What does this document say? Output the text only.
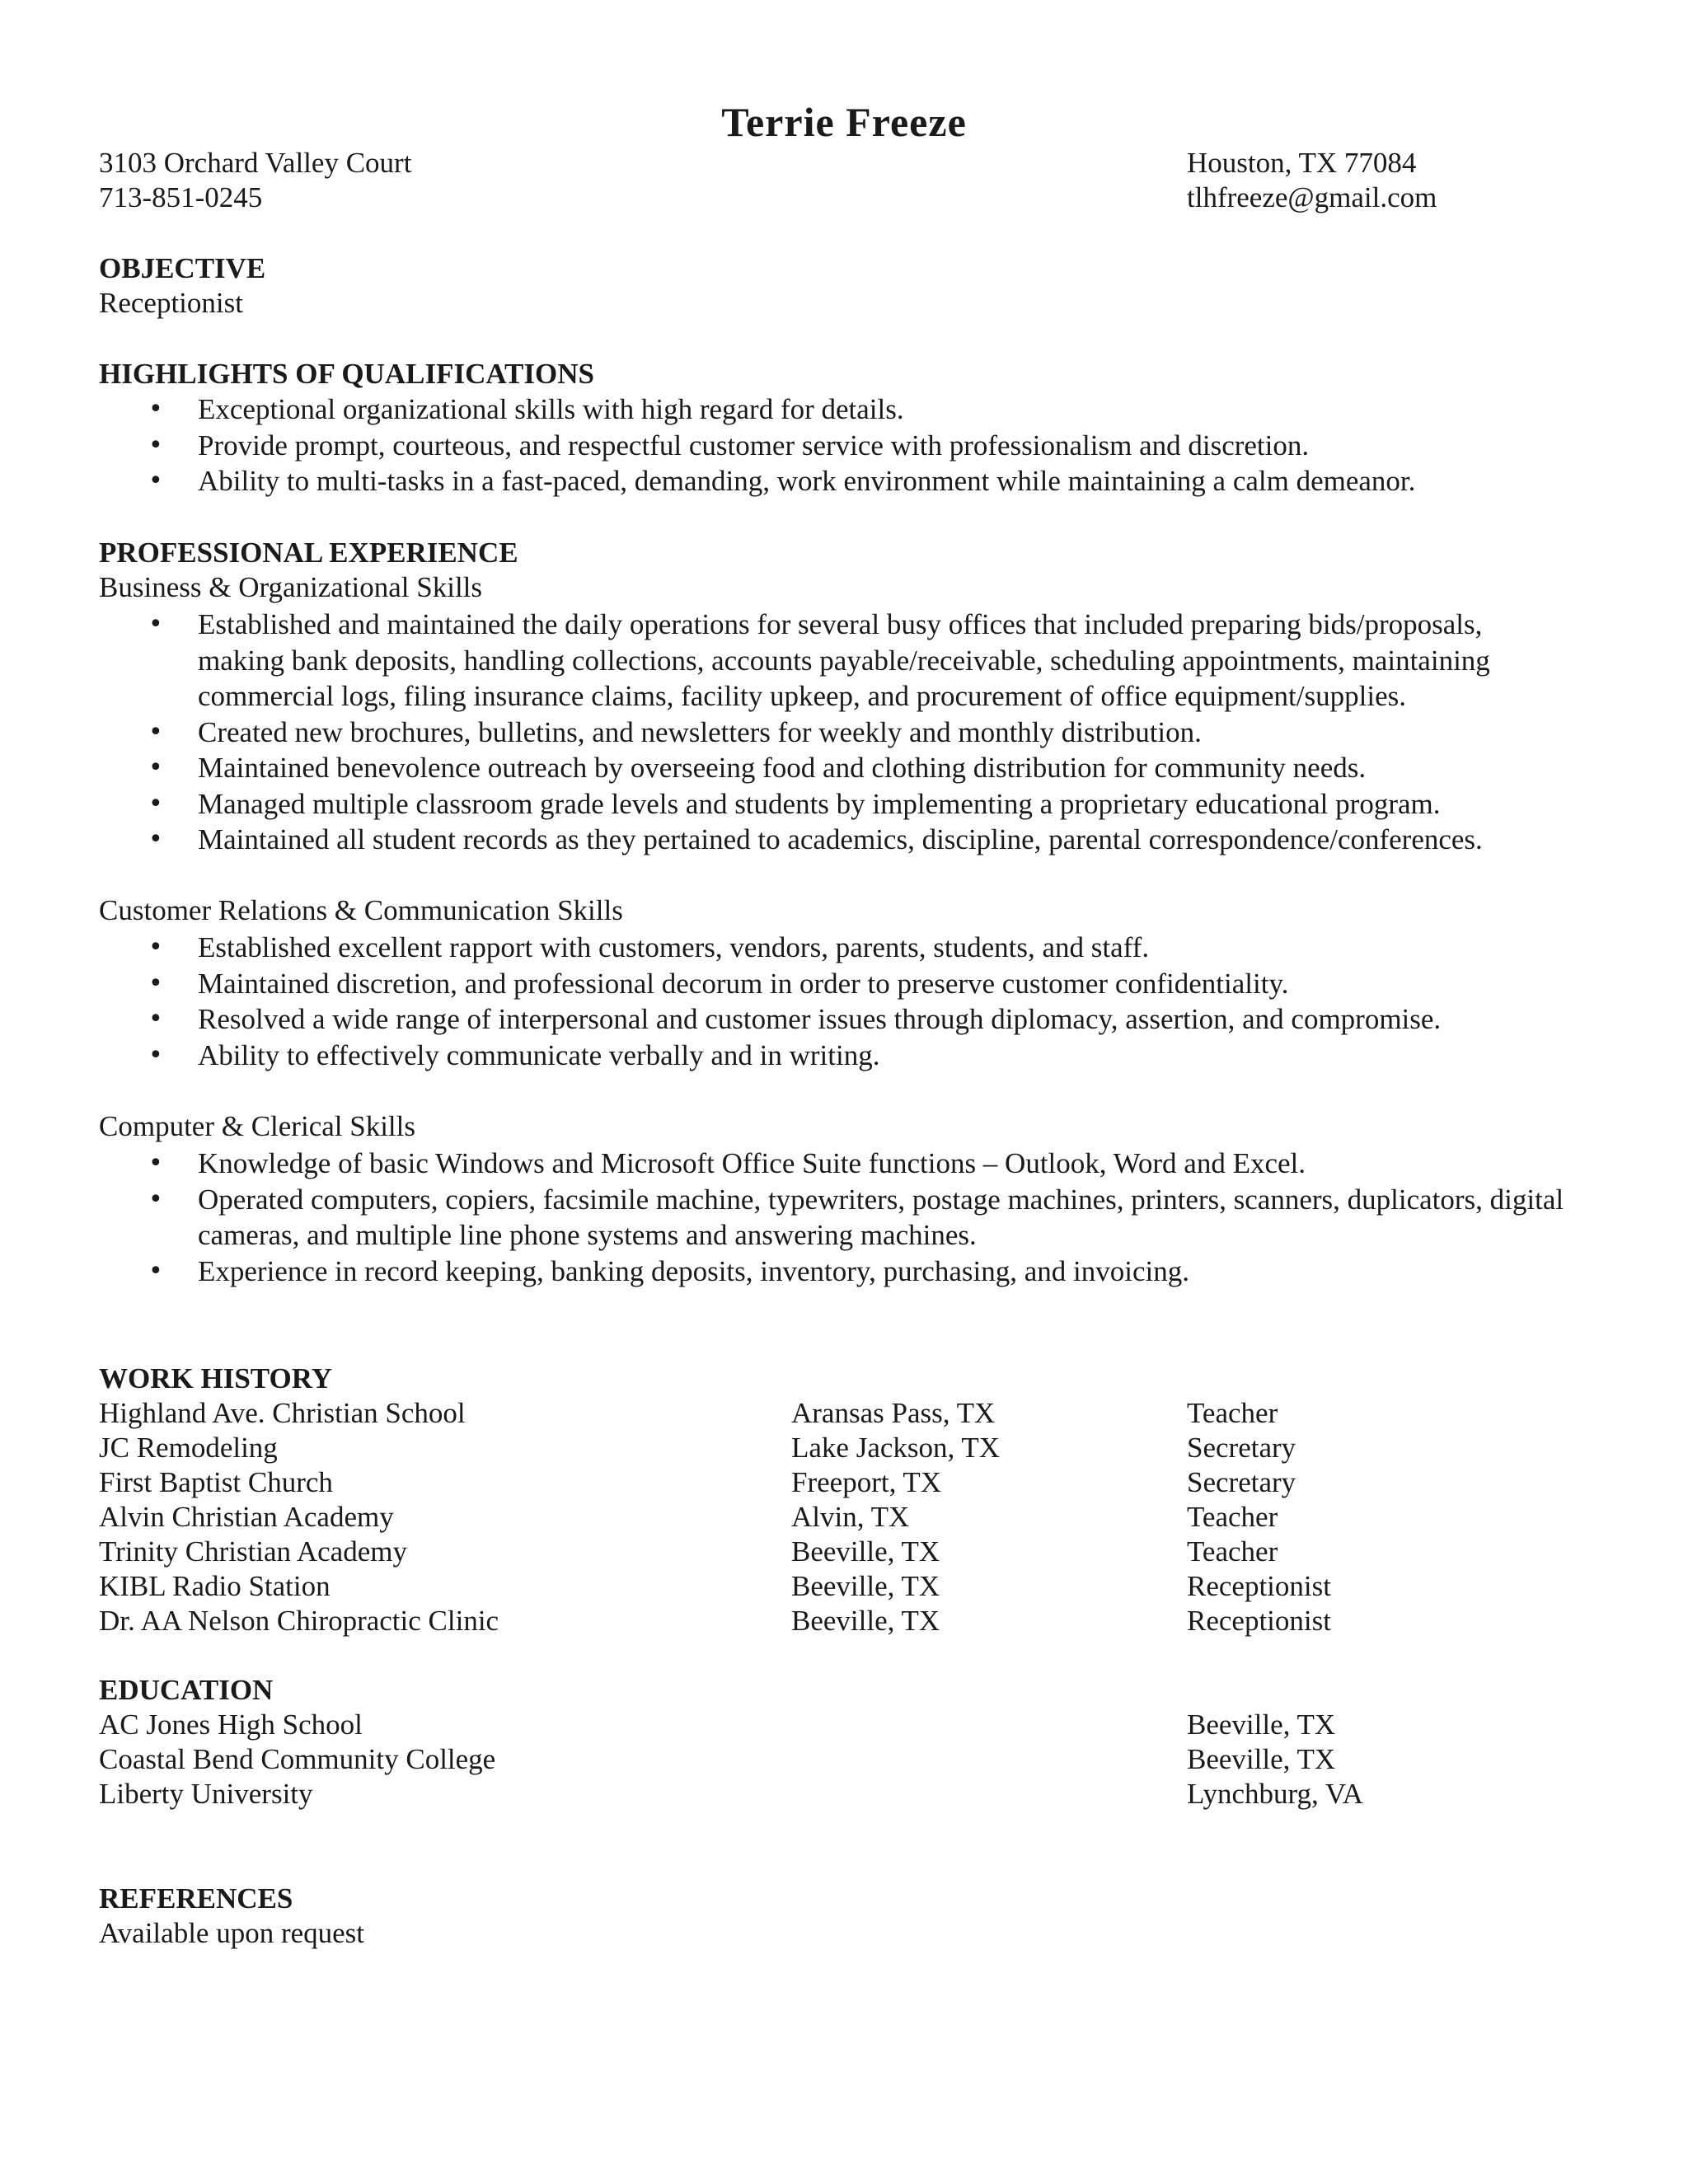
Terrie Freeze
3103 Orchard Valley Court	Houston, TX 77084
713-851-0245	tlhfreeze@gmail.com
OBJECTIVE
Receptionist
HIGHLIGHTS OF QUALIFICATIONS
• Exceptional organizational skills with high regard for details.
• Provide prompt, courteous, and respectful customer service with professionalism and discretion.
• Ability to multi-tasks in a fast-paced, demanding, work environment while maintaining a calm demeanor.
PROFESSIONAL EXPERIENCE
Business & Organizational Skills
• Established and maintained the daily operations for several busy offices that included preparing bids/proposals, making bank deposits, handling collections, accounts payable/receivable, scheduling appointments, maintaining commercial logs, filing insurance claims, facility upkeep, and procurement of office equipment/supplies.
• Created new brochures, bulletins, and newsletters for weekly and monthly distribution.
• Maintained benevolence outreach by overseeing food and clothing distribution for community needs.
• Managed multiple classroom grade levels and students by implementing a proprietary educational program.
• Maintained all student records as they pertained to academics, discipline, parental correspondence/conferences.
Customer Relations & Communication Skills
• Established excellent rapport with customers, vendors, parents, students, and staff.
• Maintained discretion, and professional decorum in order to preserve customer confidentiality.
• Resolved a wide range of interpersonal and customer issues through diplomacy, assertion, and compromise.
• Ability to effectively communicate verbally and in writing.
Computer & Clerical Skills
• Knowledge of basic Windows and Microsoft Office Suite functions – Outlook, Word and Excel.
• Operated computers, copiers, facsimile machine, typewriters, postage machines, printers, scanners, duplicators, digital cameras, and multiple line phone systems and answering machines.
• Experience in record keeping, banking deposits, inventory, purchasing, and invoicing.
WORK HISTORY
Highland Ave. Christian School	Aransas Pass, TX	Teacher
JC Remodeling	Lake Jackson, TX	Secretary
First Baptist Church	Freeport, TX	Secretary
Alvin Christian Academy	Alvin, TX	Teacher
Trinity Christian Academy	Beeville, TX	Teacher
KIBL Radio Station	Beeville, TX	Receptionist
Dr. AA Nelson Chiropractic Clinic	Beeville, TX	Receptionist
EDUCATION
AC Jones High School	Beeville, TX
Coastal Bend Community College	Beeville, TX
Liberty University	Lynchburg, VA
REFERENCES
Available upon request
